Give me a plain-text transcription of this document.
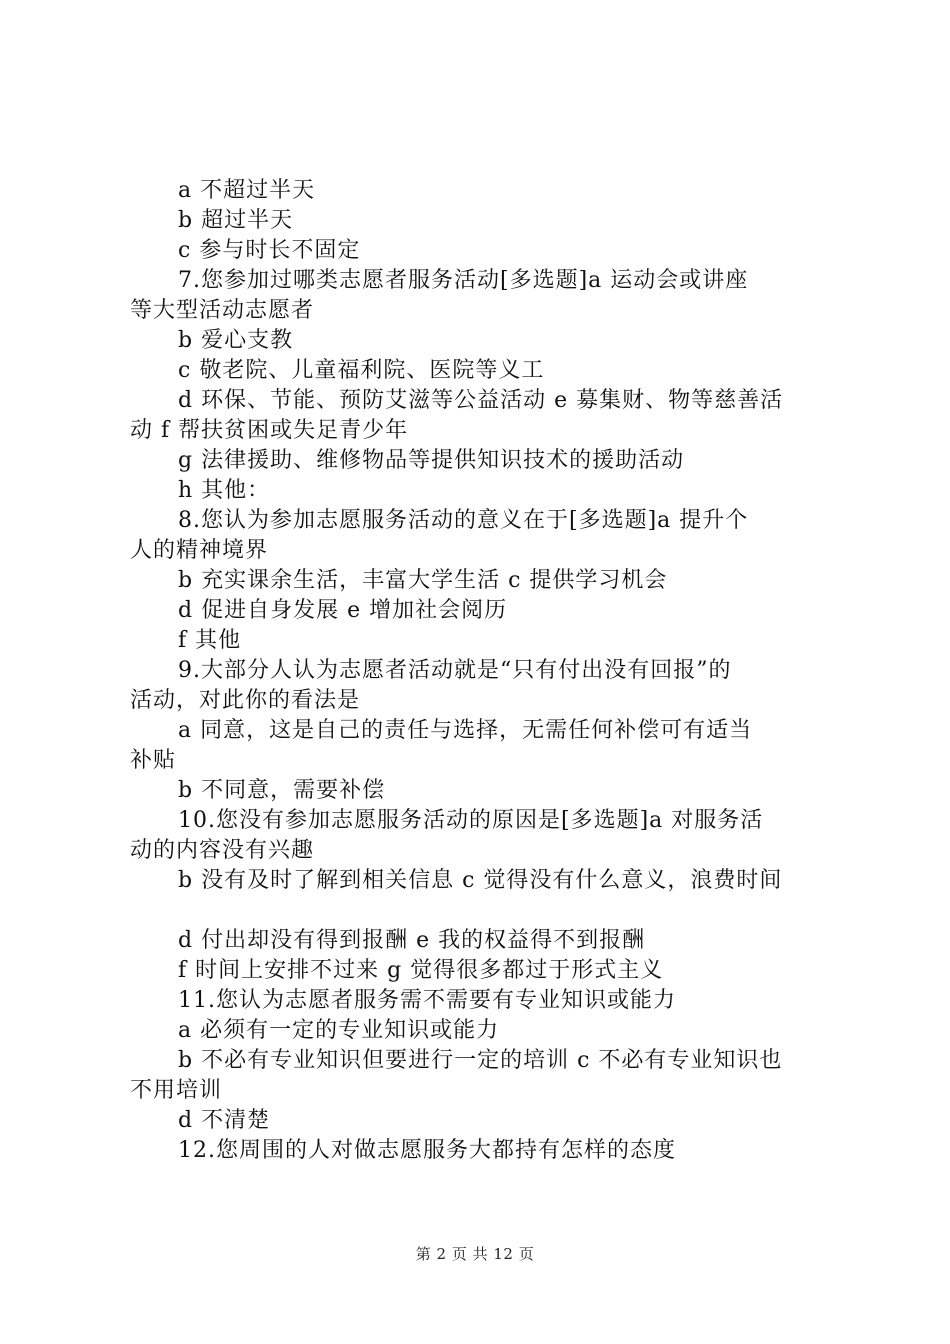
a 不超过半天
b 超过半天
c 参与时长不固定
7.您参加过哪类志愿者服务活动[多选题]a 运动会或讲座
等大型活动志愿者
b 爱心支教
c 敬老院、儿童福利院、医院等义工
d 环保、节能、预防艾滋等公益活动 e 募集财、物等慈善活
动 f 帮扶贫困或失足青少年
g 法律援助、维修物品等提供知识技术的援助活动
h 其他：
8.您认为参加志愿服务活动的意义在于[多选题]a 提升个
人的精神境界
b 充实课余生活，丰富大学生活 c 提供学习机会
d 促进自身发展 e 增加社会阅历
f 其他
9.大部分人认为志愿者活动就是“只有付出没有回报”的
活动，对此你的看法是
a 同意，这是自己的责任与选择，无需任何补偿可有适当
补贴
b 不同意，需要补偿
10.您没有参加志愿服务活动的原因是[多选题]a 对服务活
动的内容没有兴趣
b 没有及时了解到相关信息 c 觉得没有什么意义，浪费时间
d 付出却没有得到报酬 e 我的权益得不到报酬
f 时间上安排不过来 g 觉得很多都过于形式主义
11.您认为志愿者服务需不需要有专业知识或能力
a 必须有一定的专业知识或能力
b 不必有专业知识但要进行一定的培训 c 不必有专业知识也
不用培训
d 不清楚
12.您周围的人对做志愿服务大都持有怎样的态度
第 2 页 共 12 页
